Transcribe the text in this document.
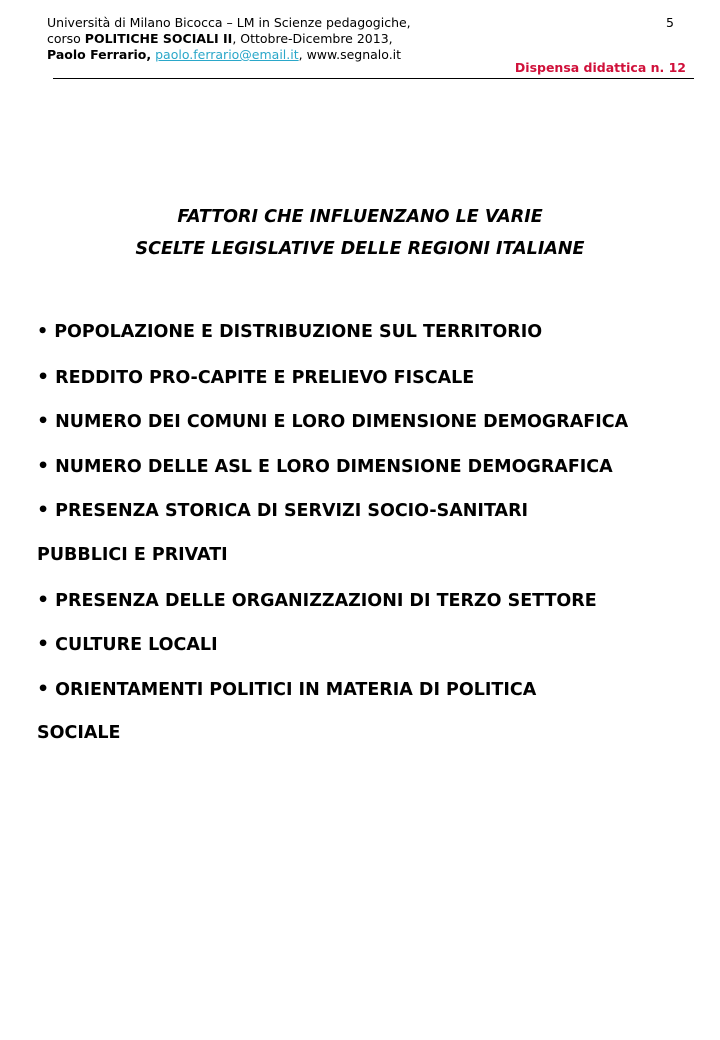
Università di Milano Bicocca – LM in Scienze pedagogiche,
corso POLITICHE SOCIALI II, Ottobre-Dicembre 2013,
Paolo Ferrario, paolo.ferrario@email.it, www.segnalo.it
5
Dispensa didattica n. 12
FATTORI CHE INFLUENZANO LE VARIE
SCELTE LEGISLATIVE DELLE REGIONI ITALIANE
• POPOLAZIONE E DISTRIBUZIONE SUL TERRITORIO
• REDDITO PRO-CAPITE E PRELIEVO FISCALE
• NUMERO DEI COMUNI E LORO DIMENSIONE DEMOGRAFICA
• NUMERO DELLE ASL E LORO DIMENSIONE DEMOGRAFICA
• PRESENZA STORICA DI SERVIZI SOCIO-SANITARI
PUBBLICI E PRIVATI
• PRESENZA DELLE ORGANIZZAZIONI DI TERZO SETTORE
• CULTURE LOCALI
• ORIENTAMENTI POLITICI IN MATERIA DI POLITICA
SOCIALE
